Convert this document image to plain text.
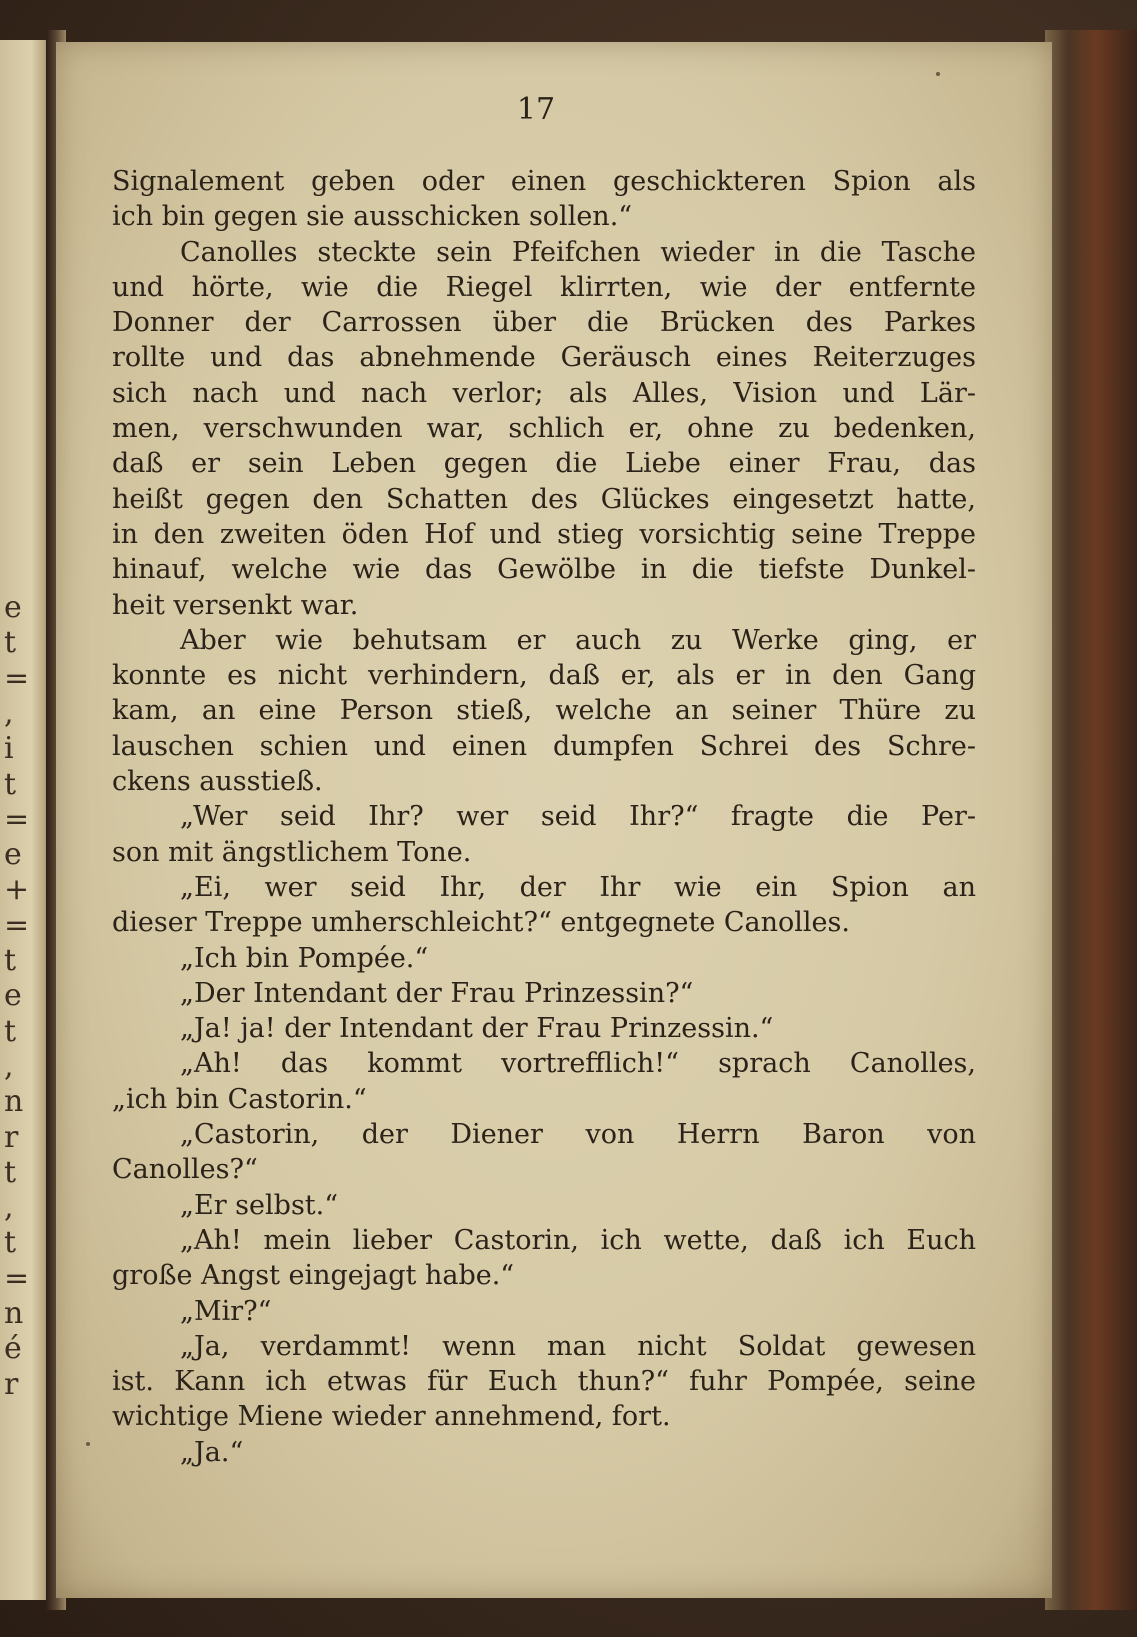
e
t
=
,
i
t
=
e
+
=
t
e
t
,
n
r
t
,
t
=
n
é
r
17
Signalement geben oder einen geschickteren Spion als
ich bin gegen sie ausschicken sollen.“
Canolles steckte sein Pfeifchen wieder in die Tasche
und hörte, wie die Riegel klirrten, wie der entfernte
Donner der Carrossen über die Brücken des Parkes
rollte und das abnehmende Geräusch eines Reiterzuges
sich nach und nach verlor; als Alles, Vision und Lär-
men, verschwunden war, schlich er, ohne zu bedenken,
daß er sein Leben gegen die Liebe einer Frau, das
heißt gegen den Schatten des Glückes eingesetzt hatte,
in den zweiten öden Hof und stieg vorsichtig seine Treppe
hinauf, welche wie das Gewölbe in die tiefste Dunkel-
heit versenkt war.
Aber wie behutsam er auch zu Werke ging, er
konnte es nicht verhindern, daß er, als er in den Gang
kam, an eine Person stieß, welche an seiner Thüre zu
lauschen schien und einen dumpfen Schrei des Schre-
ckens ausstieß.
„Wer seid Ihr? wer seid Ihr?“ fragte die Per-
son mit ängstlichem Tone.
„Ei, wer seid Ihr, der Ihr wie ein Spion an
dieser Treppe umherschleicht?“ entgegnete Canolles.
„Ich bin Pompée.“
„Der Intendant der Frau Prinzessin?“
„Ja! ja! der Intendant der Frau Prinzessin.“
„Ah! das kommt vortrefflich!“ sprach Canolles,
„ich bin Castorin.“
„Castorin, der Diener von Herrn Baron von
Canolles?“
„Er selbst.“
„Ah! mein lieber Castorin, ich wette, daß ich Euch
große Angst eingejagt habe.“
„Mir?“
„Ja, verdammt! wenn man nicht Soldat gewesen
ist. Kann ich etwas für Euch thun?“ fuhr Pompée, seine
wichtige Miene wieder annehmend, fort.
„Ja.“
